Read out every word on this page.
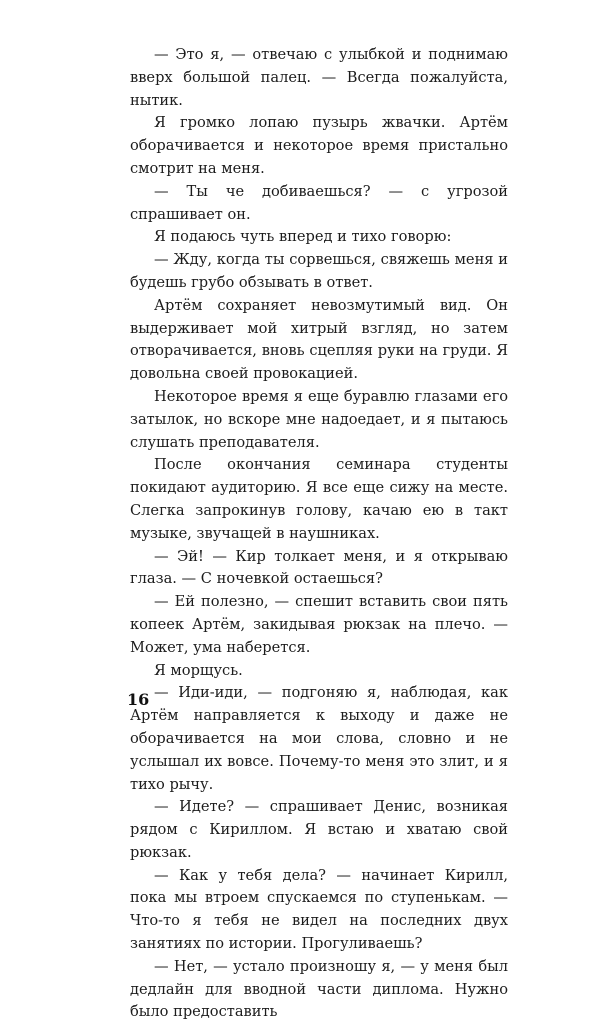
— Это я, — отвечаю с улыбкой и поднимаю вверх большой палец. — Всегда пожалуйста, нытик.

Я громко лопаю пузырь жвачки. Артём оборачивается и некоторое время пристально смотрит на меня.

— Ты че добиваешься? — с угрозой спрашивает он.

Я подаюсь чуть вперед и тихо говорю:

— Жду, когда ты сорвешься, свяжешь меня и будешь грубо обзывать в ответ.

Артём сохраняет невозмутимый вид. Он выдерживает мой хитрый взгляд, но затем отворачивается, вновь сцепляя руки на груди. Я довольна своей провокацией.

Некоторое время я еще буравлю глазами его затылок, но вскоре мне надоедает, и я пытаюсь слушать преподавателя.

После окончания семинара студенты покидают аудиторию. Я все еще сижу на месте. Слегка запрокинув голову, качаю ею в такт музыке, звучащей в наушниках.

— Эй! — Кир толкает меня, и я открываю глаза. — С ночевкой остаешься?

— Ей полезно, — спешит вставить свои пять копеек Артём, закидывая рюкзак на плечо. — Может, ума наберется.

Я морщусь.

— Иди-иди, — подгоняю я, наблюдая, как Артём направляется к выходу и даже не оборачивается на мои слова, словно и не услышал их вовсе. Почему-то меня это злит, и я тихо рычу.

— Идете? — спрашивает Денис, возникая рядом с Кириллом. Я встаю и хватаю свой рюкзак.

— Как у тебя дела? — начинает Кирилл, пока мы втроем спускаемся по ступенькам. — Что-то я тебя не видел на последних двух занятиях по истории. Прогуливаешь?

— Нет, — устало произношу я, — у меня был дедлайн для вводной части диплома. Нужно было предоставить

16
